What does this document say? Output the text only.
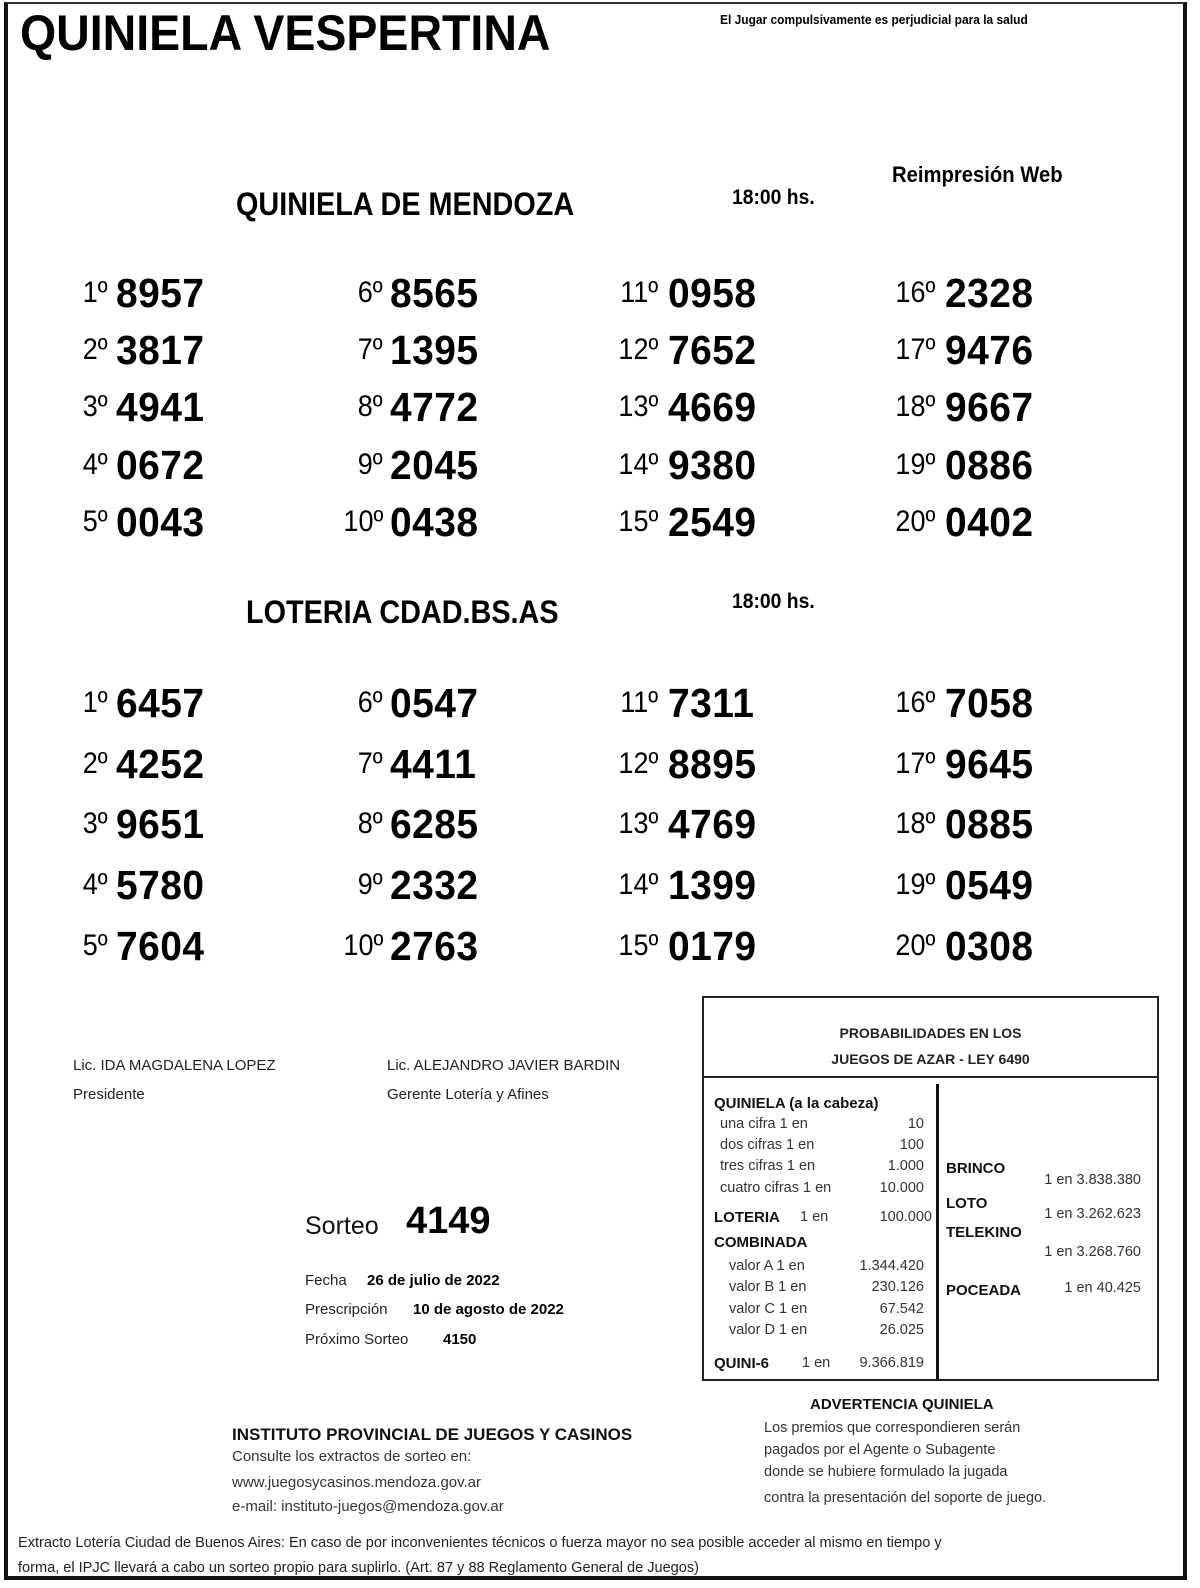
QUINIELA VESPERTINA	El Jugar compulsivamente es perjudicial para la salud
Reimpresión Web
QUINIELA DE MENDOZA	18:00 hs.
1º 8957
2º 3817
3º 4941
4º 0672
5º 0043
6º 8565
7º 1395
8º 4772
9º 2045
10º 0438
11º 0958
12º 7652
13º 4669
14º 9380
15º 2549
16º 2328
17º 9476
18º 9667
19º 0886
20º 0402
LOTERIA CDAD.BS.AS	18:00 hs.
1º 6457
2º 4252
3º 9651
4º 5780
5º 7604
6º 0547
7º 4411
8º 6285
9º 2332
10º 2763
11º 7311
12º 8895
13º 4769
14º 1399
15º 0179
16º 7058
17º 9645
18º 0885
19º 0549
20º 0308
Lic. IDA MAGDALENA LOPEZ
Presidente
Lic. ALEJANDRO JAVIER BARDIN
Gerente Lotería y Afines
Sorteo 4149
Fecha 26 de julio de 2022
Prescripción 10 de agosto de 2022
Próximo Sorteo 4150
PROBABILIDADES EN LOS
JUEGOS DE AZAR - LEY 6490
QUINIELA (a la cabeza)
una cifra 1 en	10
dos cifras 1 en	100
tres cifras 1 en	1.000
cuatro cifras 1 en	10.000
LOTERIA 1 en	100.000
COMBINADA
valor A 1 en	1.344.420
valor B 1 en	230.126
valor C 1 en	67.542
valor D 1 en	26.025
QUINI-6 1 en 9.366.819
BRINCO
1 en 3.838.380
LOTO
1 en 3.262.623
TELEKINO
1 en 3.268.760
POCEADA	1 en 40.425
INSTITUTO PROVINCIAL DE JUEGOS Y CASINOS
Consulte los extractos de sorteo en:
www.juegosycasinos.mendoza.gov.ar
e-mail: instituto-juegos@mendoza.gov.ar
ADVERTENCIA QUINIELA
Los premios que correspondieren serán
pagados por el Agente o Subagente
donde se hubiere formulado la jugada
contra la presentación del soporte de juego.
Extracto Lotería Ciudad de Buenos Aires: En caso de por inconvenientes técnicos o fuerza mayor no sea posible acceder al mismo en tiempo y
forma, el IPJC llevará a cabo un sorteo propio para suplirlo. (Art. 87 y 88 Reglamento General de Juegos)
